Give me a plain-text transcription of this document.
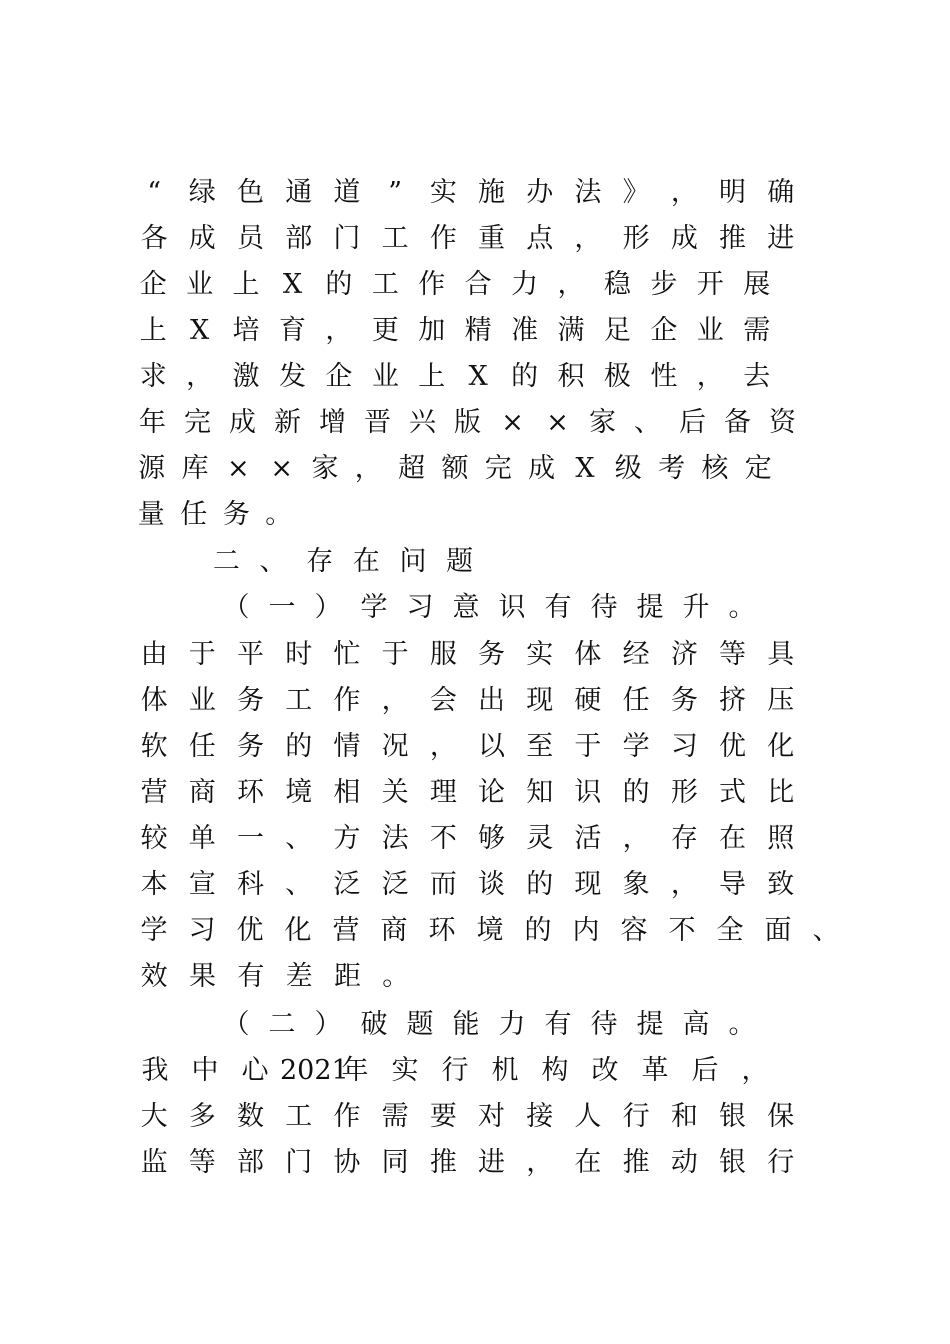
“ 绿 色 通 道 ” 实 施 办 法 》 ， 明 确
各 成 员 部 门 工 作 重 点 ， 形 成 推 进
企 业 上 X 的 工 作 合 力 ， 稳 步 开 展
上 X 培 育 ， 更 加 精 准 满 足 企 业 需
求 ， 激 发 企 业 上 X 的 积 极 性 ， 去
年 完 成 新 增 晋 兴 版 × × 家 、 后 备 资
源 库 × × 家 ， 超 额 完 成 X 级 考 核 定
量 任 务 。
二 、 存 在 问 题
（ 一 ） 学 习 意 识 有 待 提 升 。
由 于 平 时 忙 于 服 务 实 体 经 济 等 具
体 业 务 工 作 ， 会 出 现 硬 任 务 挤 压
软 任 务 的 情 况 ， 以 至 于 学 习 优 化
营 商 环 境 相 关 理 论 知 识 的 形 式 比
较 单 一 、 方 法 不 够 灵 活 ， 存 在 照
本 宣 科 、 泛 泛 而 谈 的 现 象 ， 导 致
学 习 优 化 营 商 环 境 的 内 容 不 全 面 、
效 果 有 差 距 。
（ 二 ） 破 题 能 力 有 待 提 高 。
我 中 心 2021年 实 行 机 构 改 革 后 ，
大 多 数 工 作 需 要 对 接 人 行 和 银 保
监 等 部 门 协 同 推 进 ， 在 推 动 银 行
